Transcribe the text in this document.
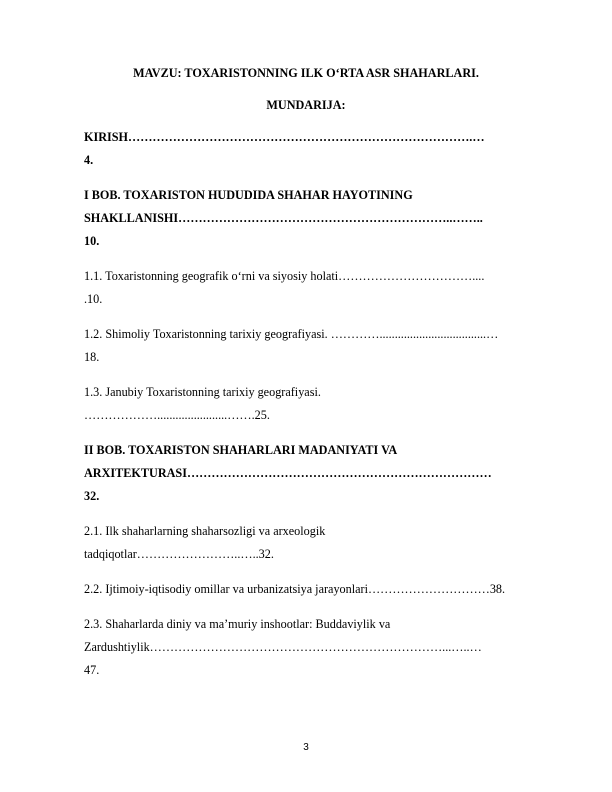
MAVZU: TOXARISTONNING ILK O‘RTA ASR SHAHARLARI.
MUNDARIJA:
KIRISH………………………………………………………………………….…
4.
I BOB. TOXARISTON HUDUDIDA SHAHAR HAYOTINING
SHAKLLANISHI…………………………………………………………..……..
10.
1.1. Toxaristonning geografik o‘rni va siyosiy holati……………………………....
.10.
1.2. Shimoliy Toxaristonning tarixiy geografiyasi. …………...................................…
18.
1.3. Janubiy Toxaristonning tarixiy geografiyasi.
……………….......................…….25.
II BOB. TOXARISTON SHAHARLARI MADANIYATI VA
ARXITEKTURASI…………………………………………………………………
32.
2.1. Ilk shaharlarning shaharsozligi va arxeologik
tadqiqotlar……………………..…..32.
2.2. Ijtimoiy-iqtisodiy omillar va urbanizatsiya jarayonlari…………………………38.
2.3. Shaharlarda diniy va ma’muriy inshootlar: Buddaviylik va
Zardushtiylik………………………………………………………………...…..…
47.
3
